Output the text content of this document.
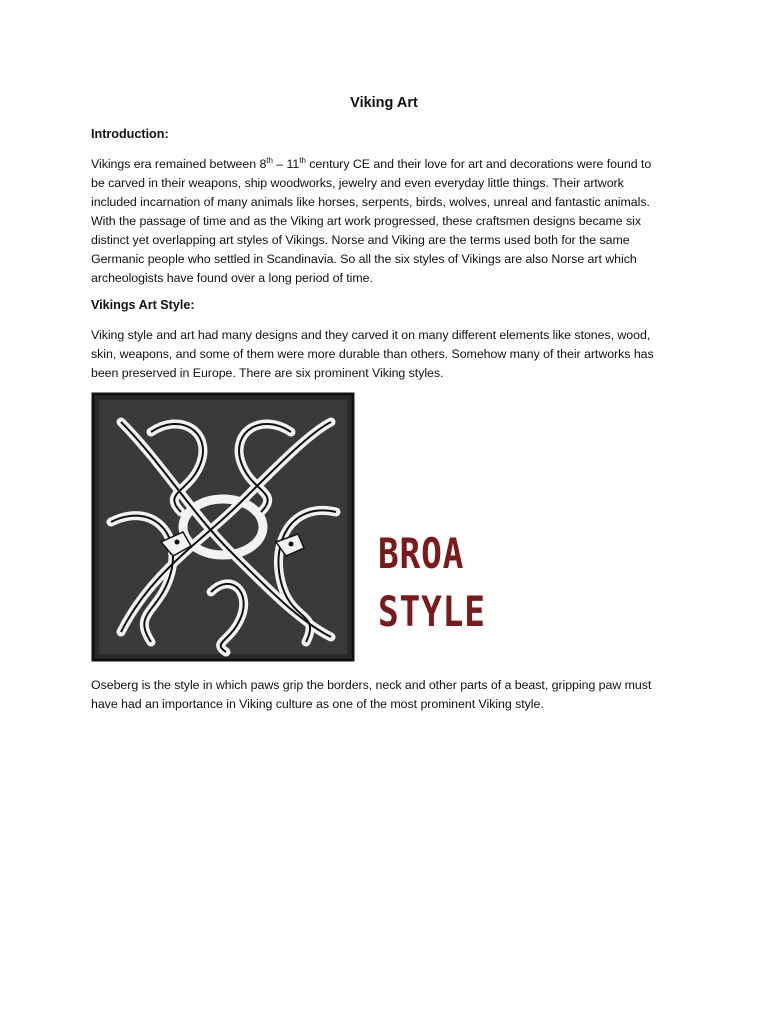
Viking Art

Introduction:

Vikings era remained between 8th – 11th century CE and their love for art and decorations were found to
be carved in their weapons, ship woodworks, jewelry and even everyday little things. Their artwork
included incarnation of many animals like horses, serpents, birds, wolves, unreal and fantastic animals.
With the passage of time and as the Viking art work progressed, these craftsmen designs became six
distinct yet overlapping art styles of Vikings. Norse and Viking are the terms used both for the same
Germanic people who settled in Scandinavia. So all the six styles of Vikings are also Norse art which
archeologists have found over a long period of time.

Vikings Art Style:

Viking style and art had many designs and they carved it on many different elements like stones, wood,
skin, weapons, and some of them were more durable than others. Somehow many of their artworks has
been preserved in Europe. There are six prominent Viking styles.
BROA
STYLE
Oseberg is the style in which paws grip the borders, neck and other parts of a beast, gripping paw must
have had an importance in Viking culture as one of the most prominent Viking style.
